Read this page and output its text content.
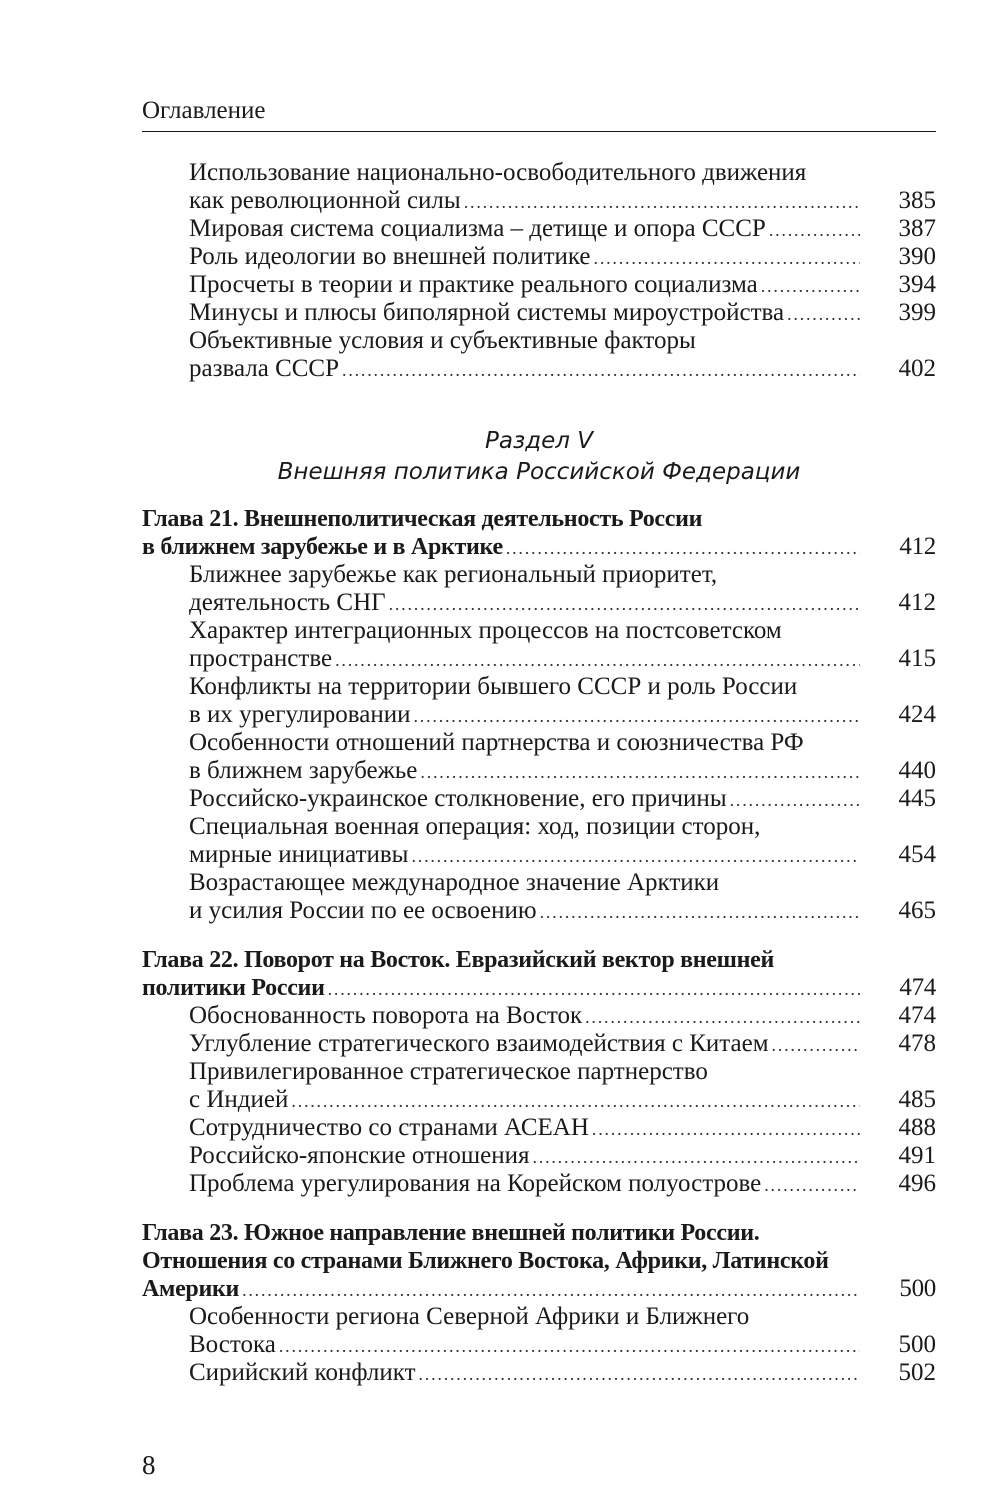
Оглавление
Использование национально-освободительного движения
как революционной силы .....	385
Мировая система социализма – детище и опора СССР .....	387
Роль идеологии во внешней политике .....	390
Просчеты в теории и практике реального социализма .....	394
Минусы и плюсы биполярной системы мироустройства .....	399
Объективные условия и субъективные факторы
развала СССР .....	402
Раздел V
Внешняя политика Российской Федерации
Глава 21. Внешнеполитическая деятельность России
в ближнем зарубежье и в Арктике .....	412
Ближнее зарубежье как региональный приоритет,
деятельность СНГ .....	412
Характер интеграционных процессов на постсоветском
пространстве .....	415
Конфликты на территории бывшего СССР и роль России
в их урегулировании .....	424
Особенности отношений партнерства и союзничества РФ
в ближнем зарубежье .....	440
Российско-украинское столкновение, его причины .....	445
Специальная военная операция: ход, позиции сторон,
мирные инициативы .....	454
Возрастающее международное значение Арктики
и усилия России по ее освоению .....	465
Глава 22. Поворот на Восток. Евразийский вектор внешней
политики России .....	474
Обоснованность поворота на Восток .....	474
Углубление стратегического взаимодействия с Китаем .....	478
Привилегированное стратегическое партнерство
с Индией .....	485
Сотрудничество со странами АСЕАН .....	488
Российско-японские отношения .....	491
Проблема урегулирования на Корейском полуострове .....	496
Глава 23. Южное направление внешней политики России.
Отношения со странами Ближнего Востока, Африки, Латинской
Америки .....	500
Особенности региона Северной Африки и Ближнего
Востока .....	500
Сирийский конфликт .....	502
8
